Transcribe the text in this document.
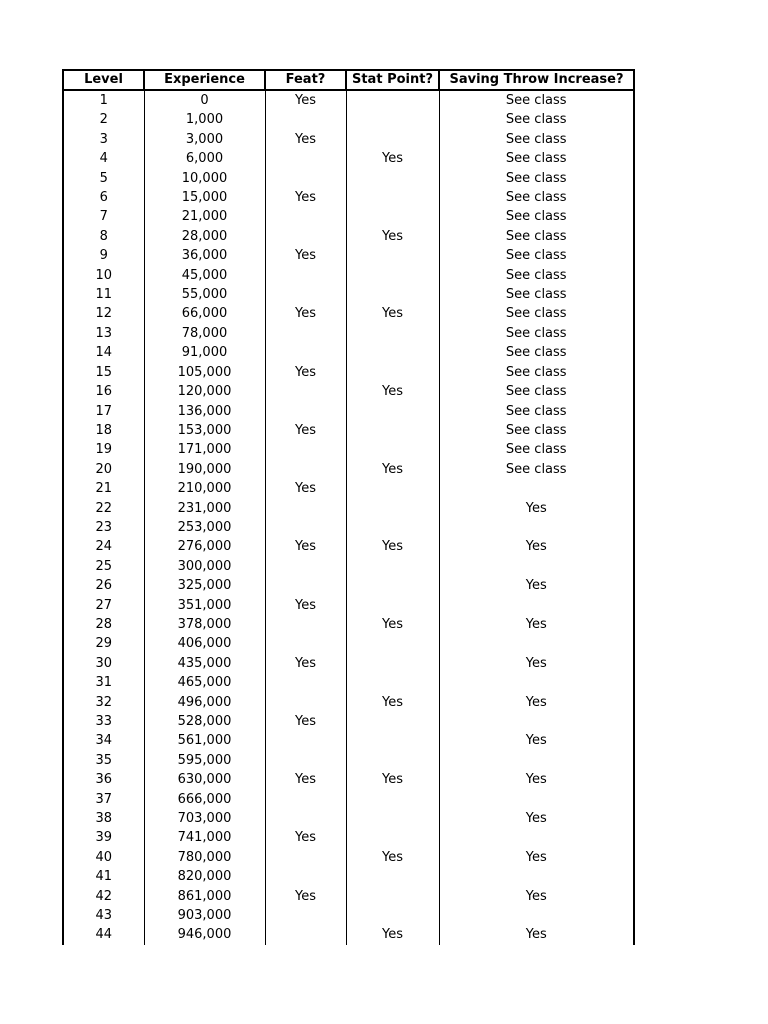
Level	Experience	Feat?	Stat Point?	Saving Throw Increase?
1	0	Yes		See class
2	1,000			See class
3	3,000	Yes		See class
4	6,000		Yes	See class
5	10,000			See class
6	15,000	Yes		See class
7	21,000			See class
8	28,000		Yes	See class
9	36,000	Yes		See class
10	45,000			See class
11	55,000			See class
12	66,000	Yes	Yes	See class
13	78,000			See class
14	91,000			See class
15	105,000	Yes		See class
16	120,000		Yes	See class
17	136,000			See class
18	153,000	Yes		See class
19	171,000			See class
20	190,000		Yes	See class
21	210,000	Yes		
22	231,000			Yes
23	253,000			
24	276,000	Yes	Yes	Yes
25	300,000			
26	325,000			Yes
27	351,000	Yes		
28	378,000		Yes	Yes
29	406,000			
30	435,000	Yes		Yes
31	465,000			
32	496,000		Yes	Yes
33	528,000	Yes		
34	561,000			Yes
35	595,000			
36	630,000	Yes	Yes	Yes
37	666,000			
38	703,000			Yes
39	741,000	Yes		
40	780,000		Yes	Yes
41	820,000			
42	861,000	Yes		Yes
43	903,000			
44	946,000		Yes	Yes
